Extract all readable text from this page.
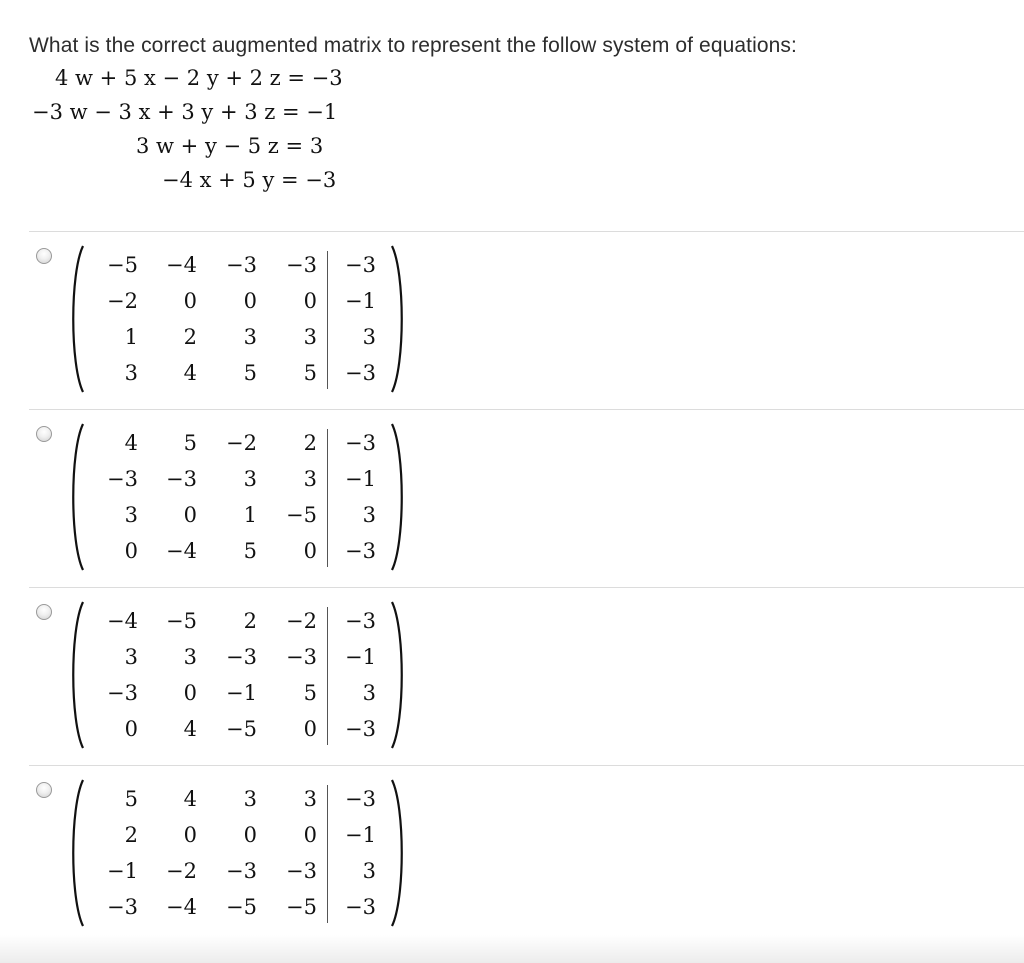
What is the correct augmented matrix to represent the follow system of equations:
4 w + 5 x − 2 y + 2 z = −3
−3 w − 3 x + 3 y + 3 z = −1
3 w + y − 5 z = 3
−4 x + 5 y = −3
−5	−4	−3	−3	−3
−2	0	0	0	−1
1	2	3	3	3
3	4	5	5	−3
4	5	−2	2	−3
−3	−3	3	3	−1
3	0	1	−5	3
0	−4	5	0	−3
−4	−5	2	−2	−3
3	3	−3	−3	−1
−3	0	−1	5	3
0	4	−5	0	−3
5	4	3	3	−3
2	0	0	0	−1
−1	−2	−3	−3	3
−3	−4	−5	−5	−3
